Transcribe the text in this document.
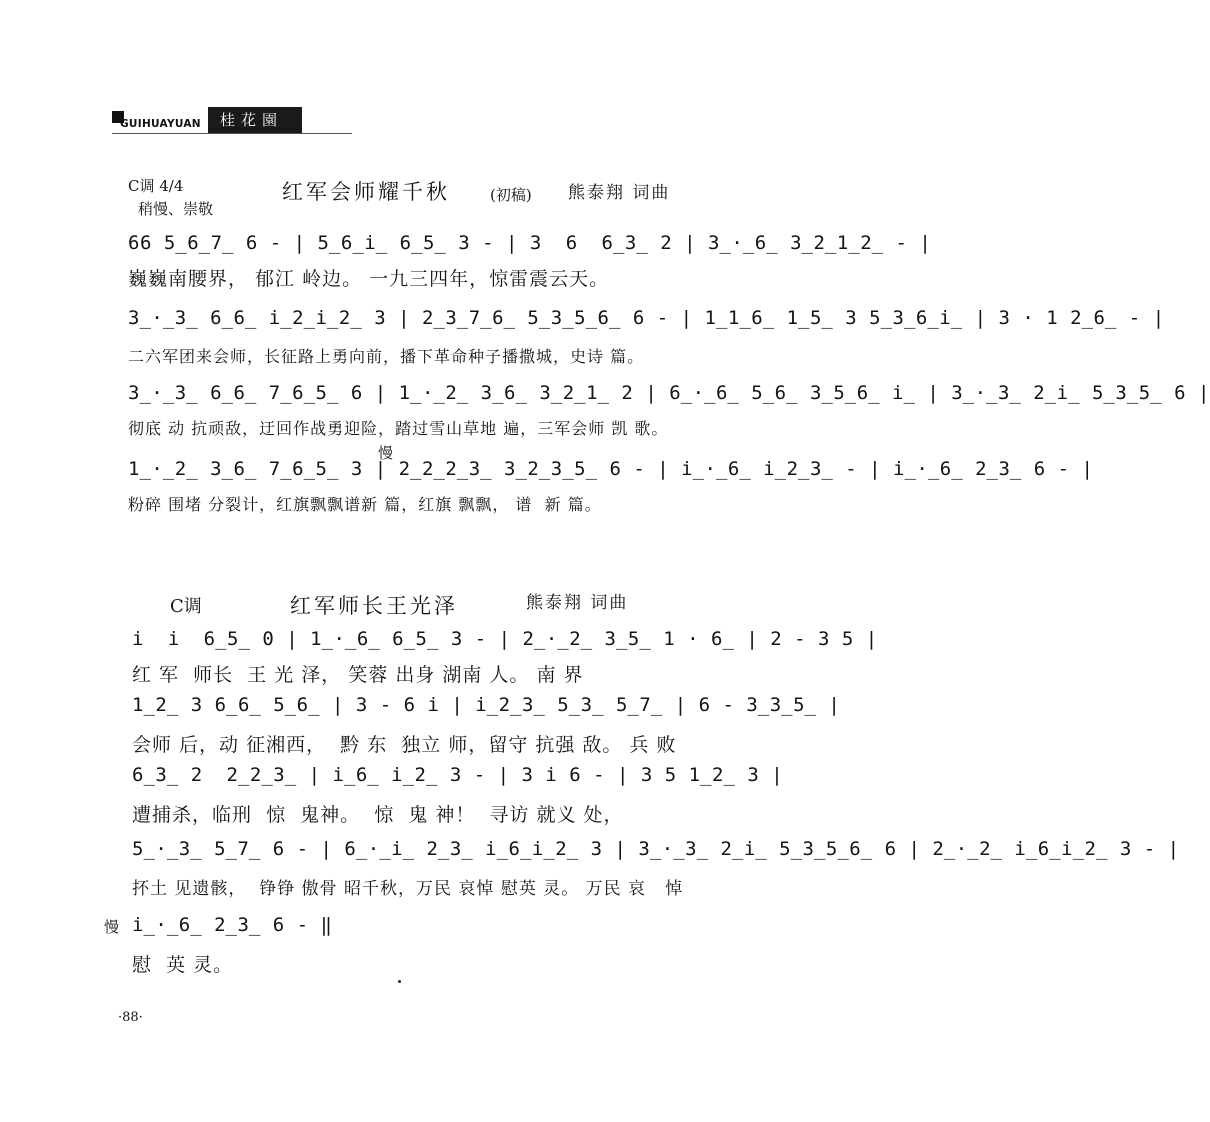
GUIHUAYUAN	桂花園
C调 4/4
稍慢、崇敬
红军会师耀千秋	(初稿) 熊泰翔 词曲
66 5̲6̲7̲ 6 - | 5̲6̲i̲ 6̲5̲ 3 - | 3  6  6̲3̲ 2 | 3̲·̲6̲ 3̲2̲1̲2̲ - |
巍巍南腰界， 郁江 岭边。 一九三四年，惊雷震云天。
3̲·̲3̲ 6̲6̲ i̲2̲i̲2̲ 3 | 2̲3̲7̲6̲ 5̲3̲5̲6̲ 6 - | 1̲1̲6̲ 1̲5̲ 3 5̲3̲6̲i̲ | 3 · 1 2̲6̲ - |
二六军团来会师，长征路上勇向前，播下革命种子播撒城，史诗 篇。
3̲·̲3̲ 6̲6̲ 7̲6̲5̲ 6 | 1̲·̲2̲ 3̲6̲ 3̲2̲1̲ 2 | 6̲·̲6̲ 5̲6̲ 3̲5̲6̲ i̲ | 3̲·̲3̲ 2̲i̲ 5̲3̲5̲ 6 |
彻底 动 抗顽敌，迂回作战勇迎险，踏过雪山草地 遍，三军会师 凯 歌。
慢
1̲·̲2̲ 3̲6̲ 7̲6̲5̲ 3 | 2̲2̲2̲3̲ 3̲2̲3̲5̲ 6 - | i̲·̲6̲ i̲2̲3̲ - | i̲·̲6̲ 2̲3̲ 6 - |
粉碎 围堵 分裂计，红旗飘飘谱新 篇，红旗 飘飘， 谱  新 篇。
C调	红军师长王光泽	熊泰翔 词曲
i  i  6̲5̲ 0 | 1̲·̲6̲ 6̲5̲ 3 - | 2̲·̲2̲ 3̲5̲ 1 · 6̲ | 2 - 3 5 |
红 军  师长  王 光 泽， 笑蓉 出身 湖南 人。 南 界
1̲2̲ 3 6̲6̲ 5̲6̲ | 3 - 6 i | i̲2̲3̲ 5̲3̲ 5̲7̲ | 6 - 3̲3̲5̲ |
会师 后，动 征湘西，  黔 东  独立 师，留守 抗强 敌。 兵 败
6̲3̲ 2  2̲2̲3̲ | i̲6̲ i̲2̲ 3 - | 3 i 6 - | 3 5 1̲2̲ 3 |
遭捕杀，临刑  惊  鬼神。  惊  鬼 神！  寻访 就义 处，
5̲·̲3̲ 5̲7̲ 6 - | 6̲·̲i̲ 2̲3̲ i̲6̲i̲2̲ 3 | 3̲·̲3̲ 2̲i̲ 5̲3̲5̲6̲ 6 | 2̲·̲2̲ i̲6̲i̲2̲ 3 - |
抔土 见遗骸，  铮铮 傲骨 昭千秋，万民 哀悼 慰英 灵。 万民 哀   悼
慢 i̲·̲6̲ 2̲3̲ 6 - ‖
慰  英 灵。
·88·
